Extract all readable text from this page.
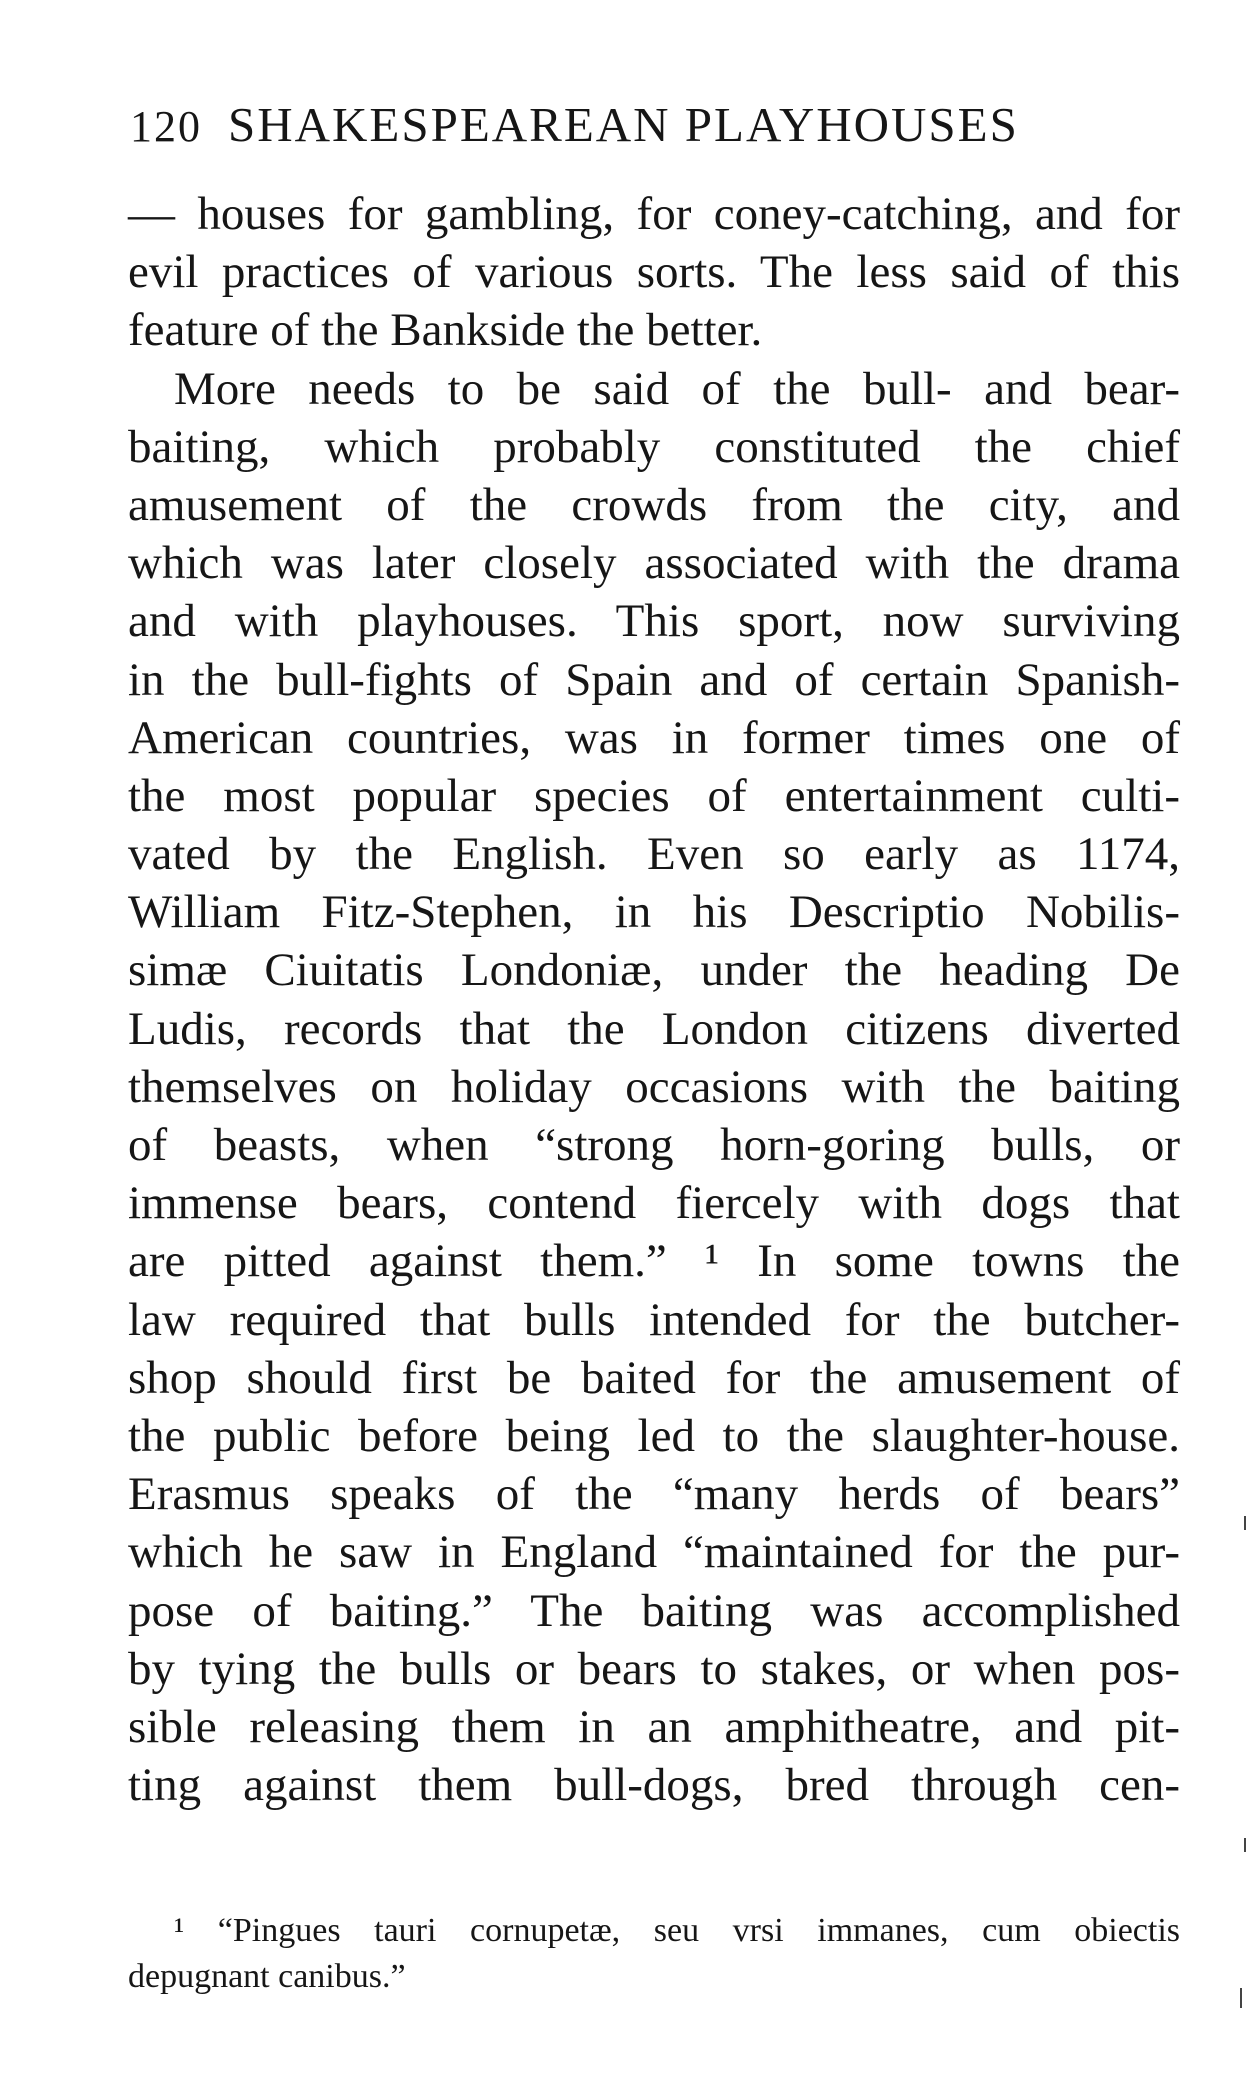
120 SHAKESPEAREAN PLAYHOUSES
— houses for gambling, for coney-catching, and for
evil practices of various sorts. The less said of this
feature of the Bankside the better.
More needs to be said of the bull- and bear-
baiting, which probably constituted the chief
amusement of the crowds from the city, and
which was later closely associated with the drama
and with playhouses. This sport, now surviving
in the bull-fights of Spain and of certain Spanish-
American countries, was in former times one of
the most popular species of entertainment culti-
vated by the English. Even so early as 1174,
William Fitz-Stephen, in his Descriptio Nobilis-
simæ Ciuitatis Londoniæ, under the heading De
Ludis, records that the London citizens diverted
themselves on holiday occasions with the baiting
of beasts, when “strong horn-goring bulls, or
immense bears, contend fiercely with dogs that
are pitted against them.” ¹ In some towns the
law required that bulls intended for the butcher-
shop should first be baited for the amusement of
the public before being led to the slaughter-house.
Erasmus speaks of the “many herds of bears”
which he saw in England “maintained for the pur-
pose of baiting.” The baiting was accomplished
by tying the bulls or bears to stakes, or when pos-
sible releasing them in an amphitheatre, and pit-
ting against them bull-dogs, bred through cen-
¹ “Pingues tauri cornupetæ, seu vrsi immanes, cum obiectis
depugnant canibus.”
